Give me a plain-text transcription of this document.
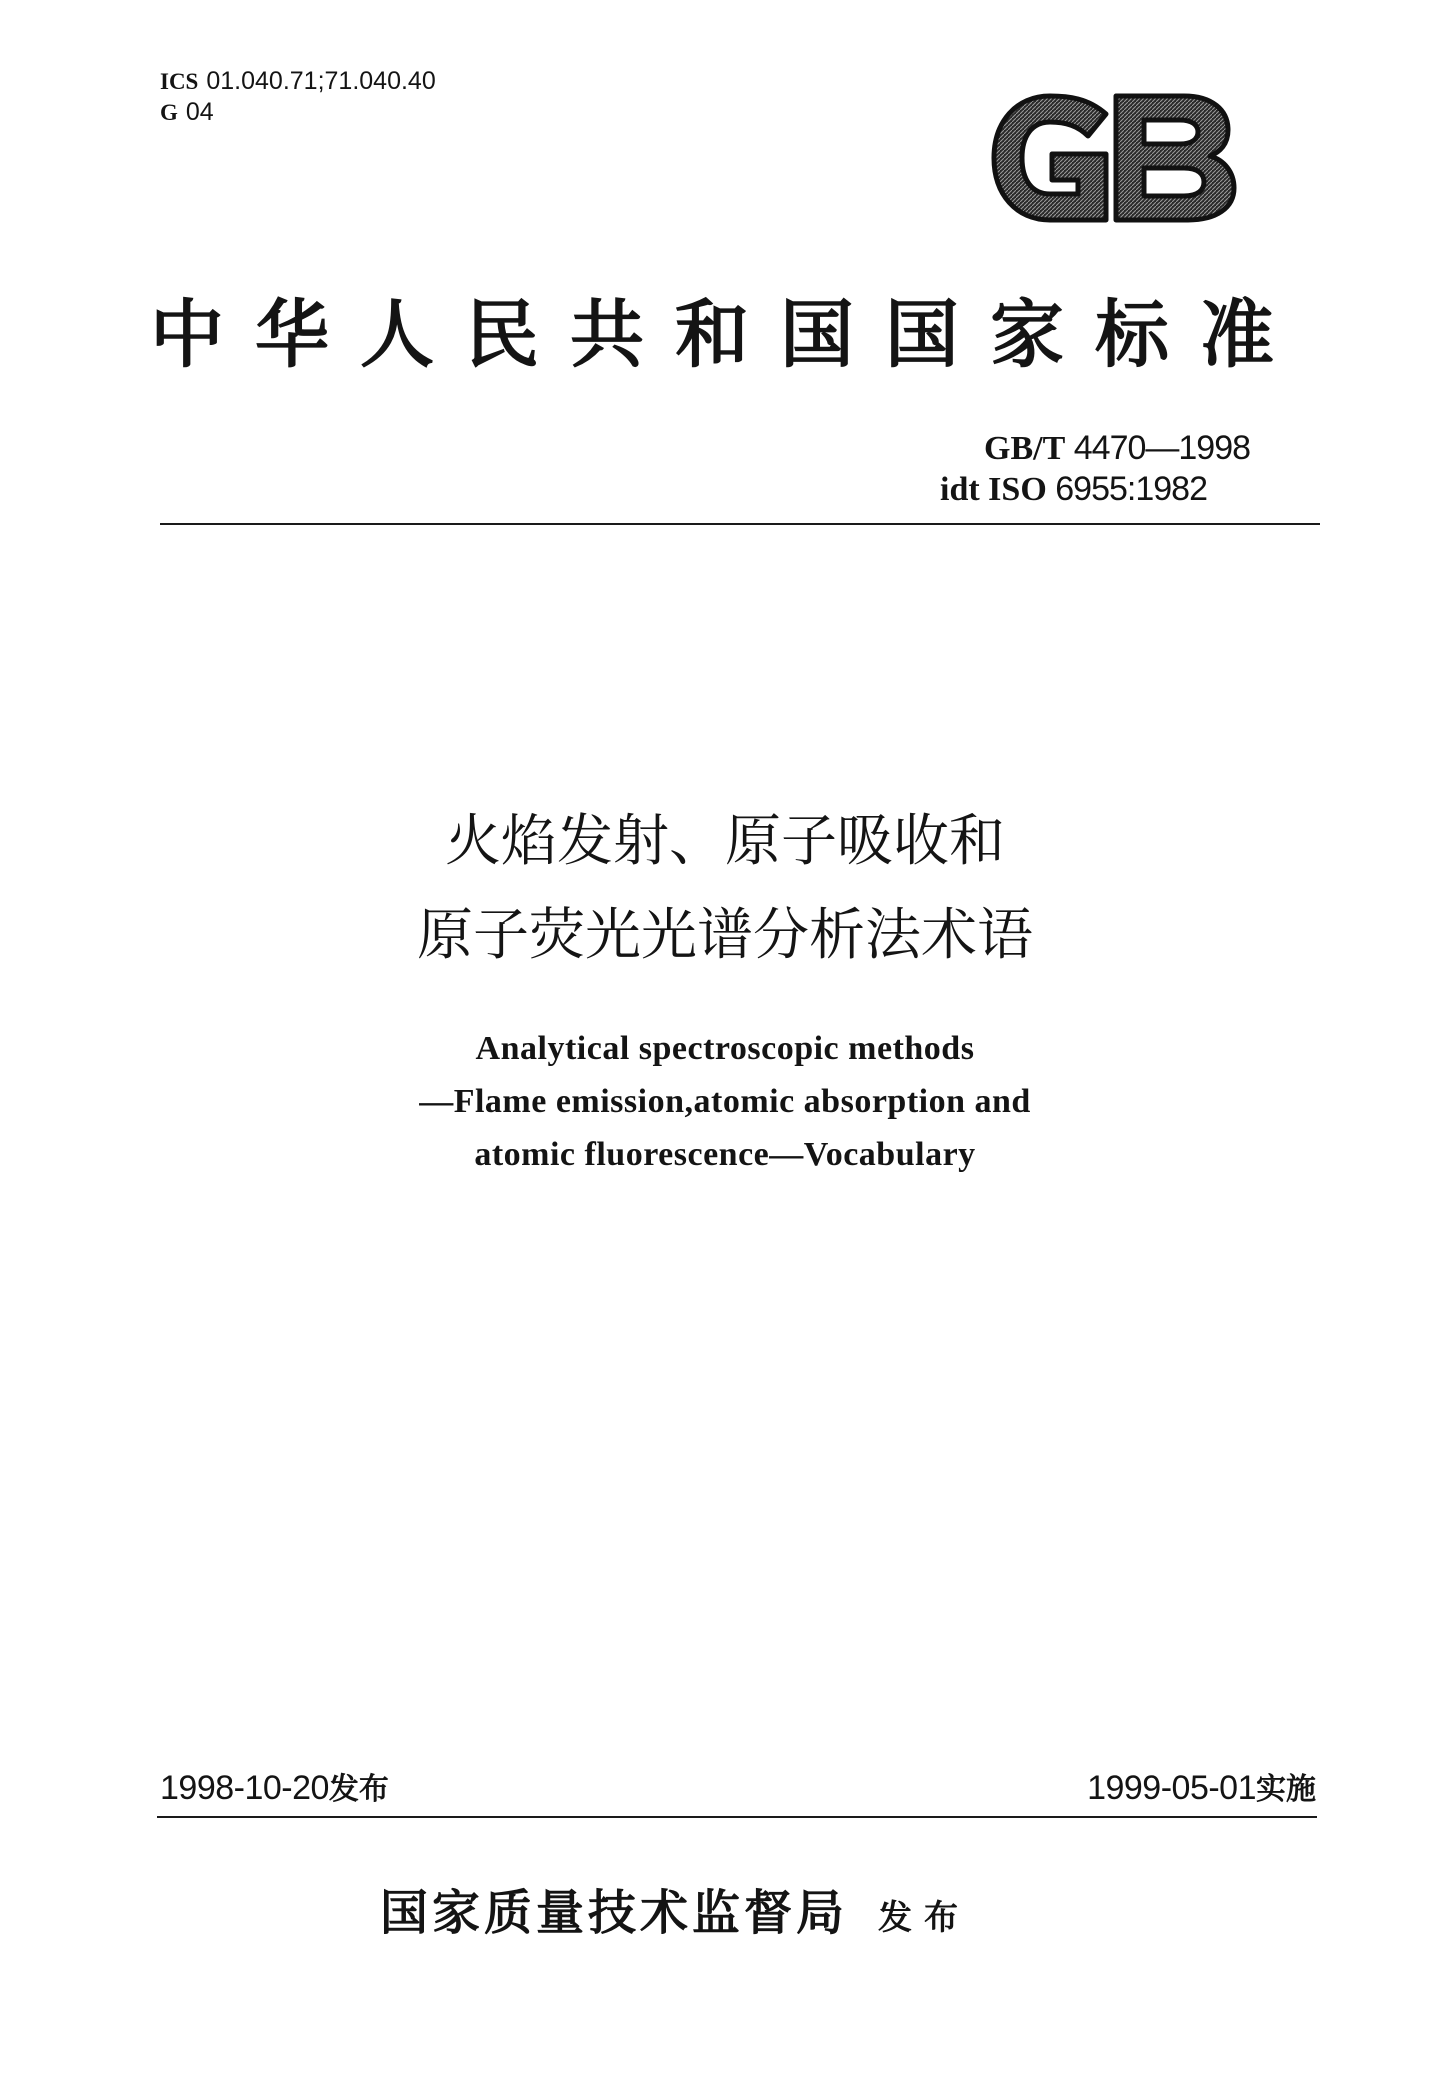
ICS 01.040.71;71.040.40
G 04
中华人民共和国国家标准
GB/T 4470—1998
idt ISO 6955:1982
火焰发射、原子吸收和
原子荧光光谱分析法术语
Analytical spectroscopic methods
—Flame emission,atomic absorption and
atomic fluorescence—Vocabulary
1998-10-20发布	1999-05-01实施
国家质量技术监督局 发布
